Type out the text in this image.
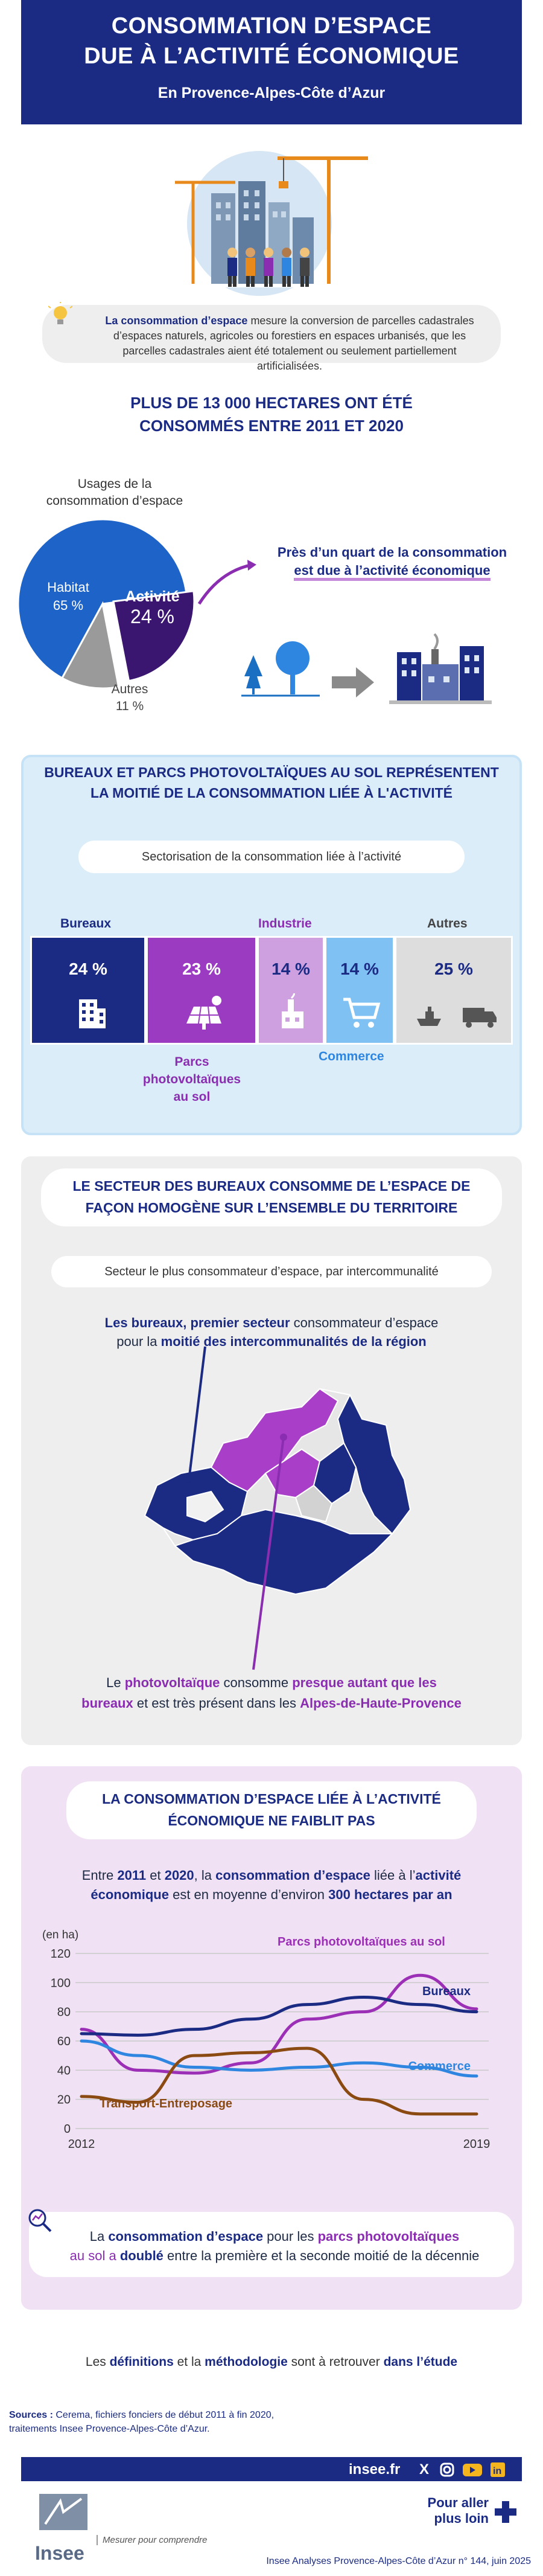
CONSOMMATION D’ESPACE
DUE À L’ACTIVITÉ ÉCONOMIQUE
En Provence-Alpes-Côte d’Azur
La consommation d’espace mesure la conversion de parcelles cadastrales d’espaces naturels, agricoles ou forestiers en espaces urbanisés, que les parcelles cadastrales aient été totalement ou seulement partiellement artificialisées.
PLUS DE 13 000 HECTARES ONT ÉTÉ
CONSOMMÉS ENTRE 2011 ET 2020
Usages de la
consommation d’espace
Habitat
65 %
Activité
24 %
Autres
11 %
Près d’un quart de la consommation
est due à l’activité économique
BUREAUX ET PARCS PHOTOVOLTAÏQUES AU SOL REPRÉSENTENT
LA MOITIÉ DE LA CONSOMMATION LIÉE À L'ACTIVITÉ
Sectorisation de la consommation liée à l’activité
Bureaux	Industrie	Autres
24 %	23 %	14 %	14 %	25 %
Parcs
photovoltaïques
au sol
Commerce
LE SECTEUR DES BUREAUX CONSOMME DE L’ESPACE DE
FAÇON HOMOGÈNE SUR L’ENSEMBLE DU TERRITOIRE
Secteur le plus consommateur d’espace, par intercommunalité
Les bureaux, premier secteur consommateur d’espace
pour la moitié des intercommunalités de la région
Le photovoltaïque consomme presque autant que les
bureaux et est très présent dans les Alpes-de-Haute-Provence
LA CONSOMMATION D’ESPACE LIÉE À L’ACTIVITÉ
ÉCONOMIQUE NE FAIBLIT PAS
Entre 2011 et 2020, la consommation d’espace liée à l’activité
économique est en moyenne d’environ 300 hectares par an
(en ha)
0
20
40
60
80
100
120
2012	2019
Parcs photovoltaïques au sol
Bureaux
Commerce
Transport-Entreposage
La consommation d’espace pour les parcs photovoltaïques
au sol a doublé entre la première et la seconde moitié de la décennie
Les définitions et la méthodologie sont à retrouver dans l’étude
Sources : Cerema, fichiers fonciers de début 2011 à fin 2020,
traitements Insee Provence-Alpes-Côte d’Azur.
insee.fr X	in
Insee
Mesurer pour comprendre
Pour aller
plus loin
Insee Analyses Provence-Alpes-Côte d’Azur n° 144, juin 2025
